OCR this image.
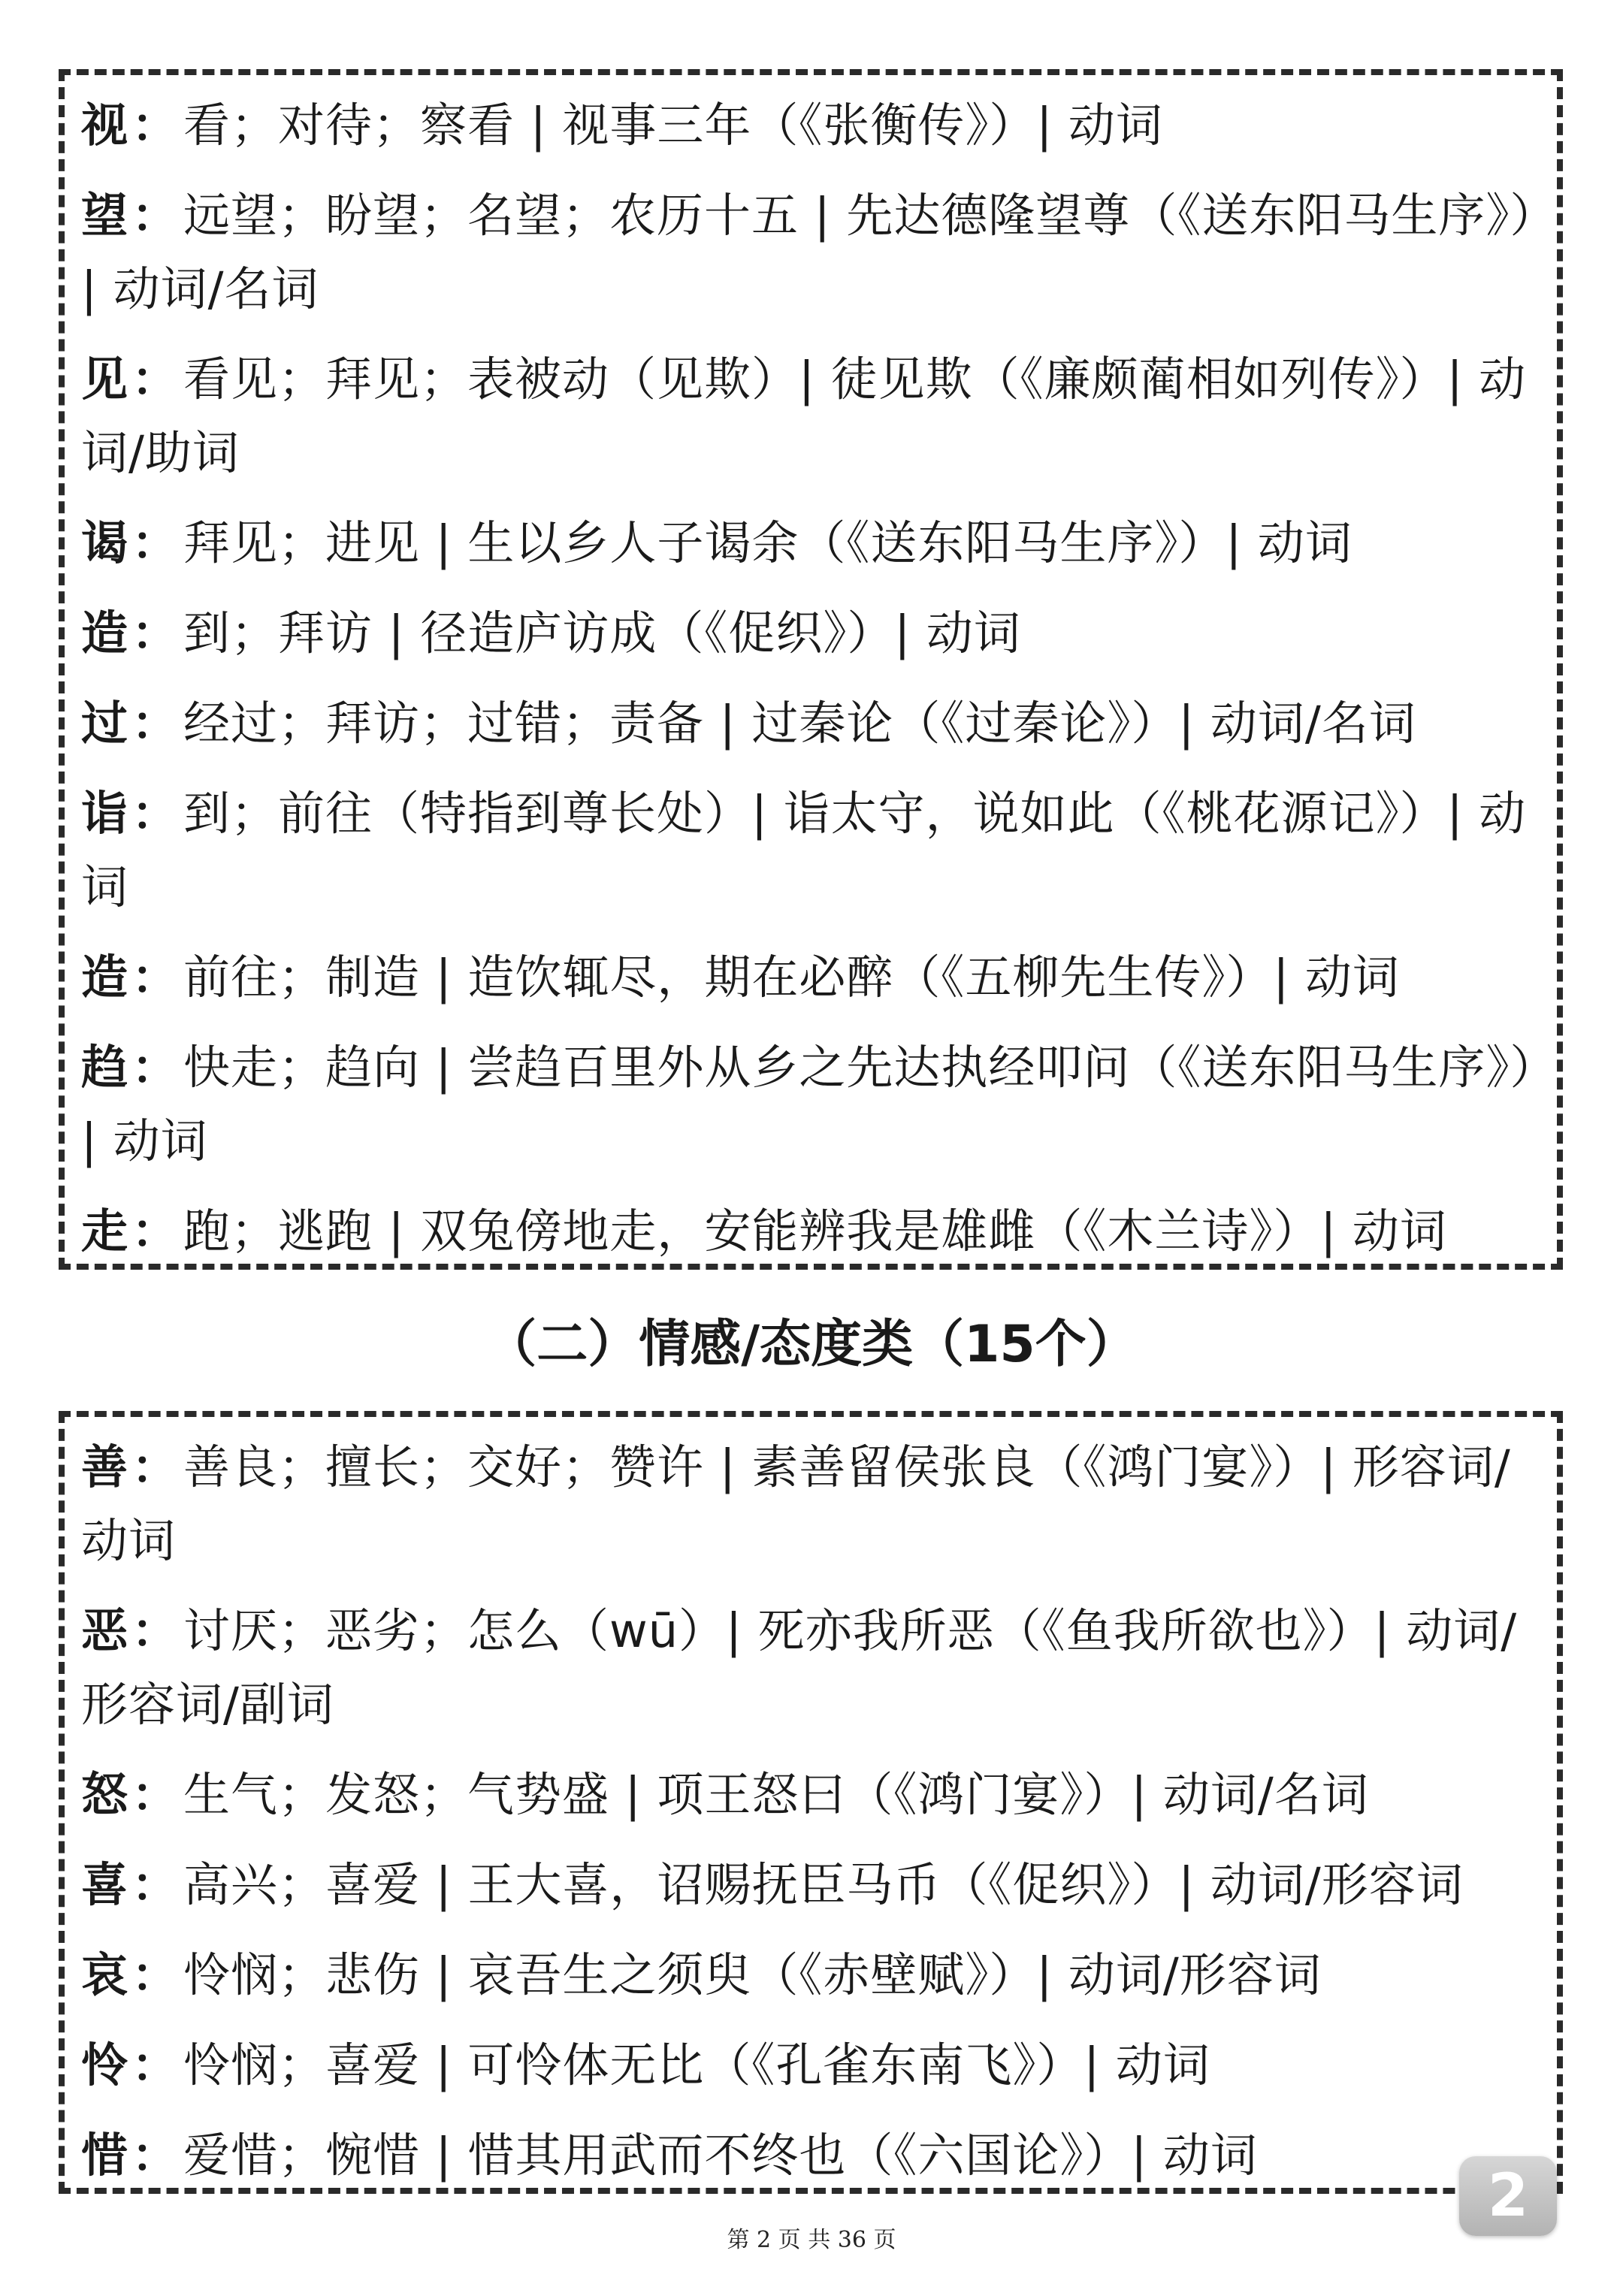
视：看；对待；察看 | 视事三年（《张衡传》）| 动词
望：远望；盼望；名望；农历十五 | 先达德隆望尊（《送东阳马生序》）| 动词/名词
见：看见；拜见；表被动（见欺）| 徒见欺（《廉颇蔺相如列传》）| 动词/助词
谒：拜见；进见 | 生以乡人子谒余（《送东阳马生序》）| 动词
造：到；拜访 | 径造庐访成（《促织》）| 动词
过：经过；拜访；过错；责备 | 过秦论（《过秦论》）| 动词/名词
诣：到；前往（特指到尊长处）| 诣太守，说如此（《桃花源记》）| 动词
造：前往；制造 | 造饮辄尽，期在必醉（《五柳先生传》）| 动词
趋：快走；趋向 | 尝趋百里外从乡之先达执经叩问（《送东阳马生序》）| 动词
走：跑；逃跑 | 双兔傍地走，安能辨我是雄雌（《木兰诗》）| 动词
（二）情感/态度类（15个）
善：善良；擅长；交好；赞许 | 素善留侯张良（《鸿门宴》）| 形容词/动词
恶：讨厌；恶劣；怎么（wū）| 死亦我所恶（《鱼我所欲也》）| 动词/形容词/副词
怒：生气；发怒；气势盛 | 项王怒曰（《鸿门宴》）| 动词/名词
喜：高兴；喜爱 | 王大喜，诏赐抚臣马币（《促织》）| 动词/形容词
哀：怜悯；悲伤 | 哀吾生之须臾（《赤壁赋》）| 动词/形容词
怜：怜悯；喜爱 | 可怜体无比（《孔雀东南飞》）| 动词
惜：爱惜；惋惜 | 惜其用武而不终也（《六国论》）| 动词
2
第 2 页 共 36 页
